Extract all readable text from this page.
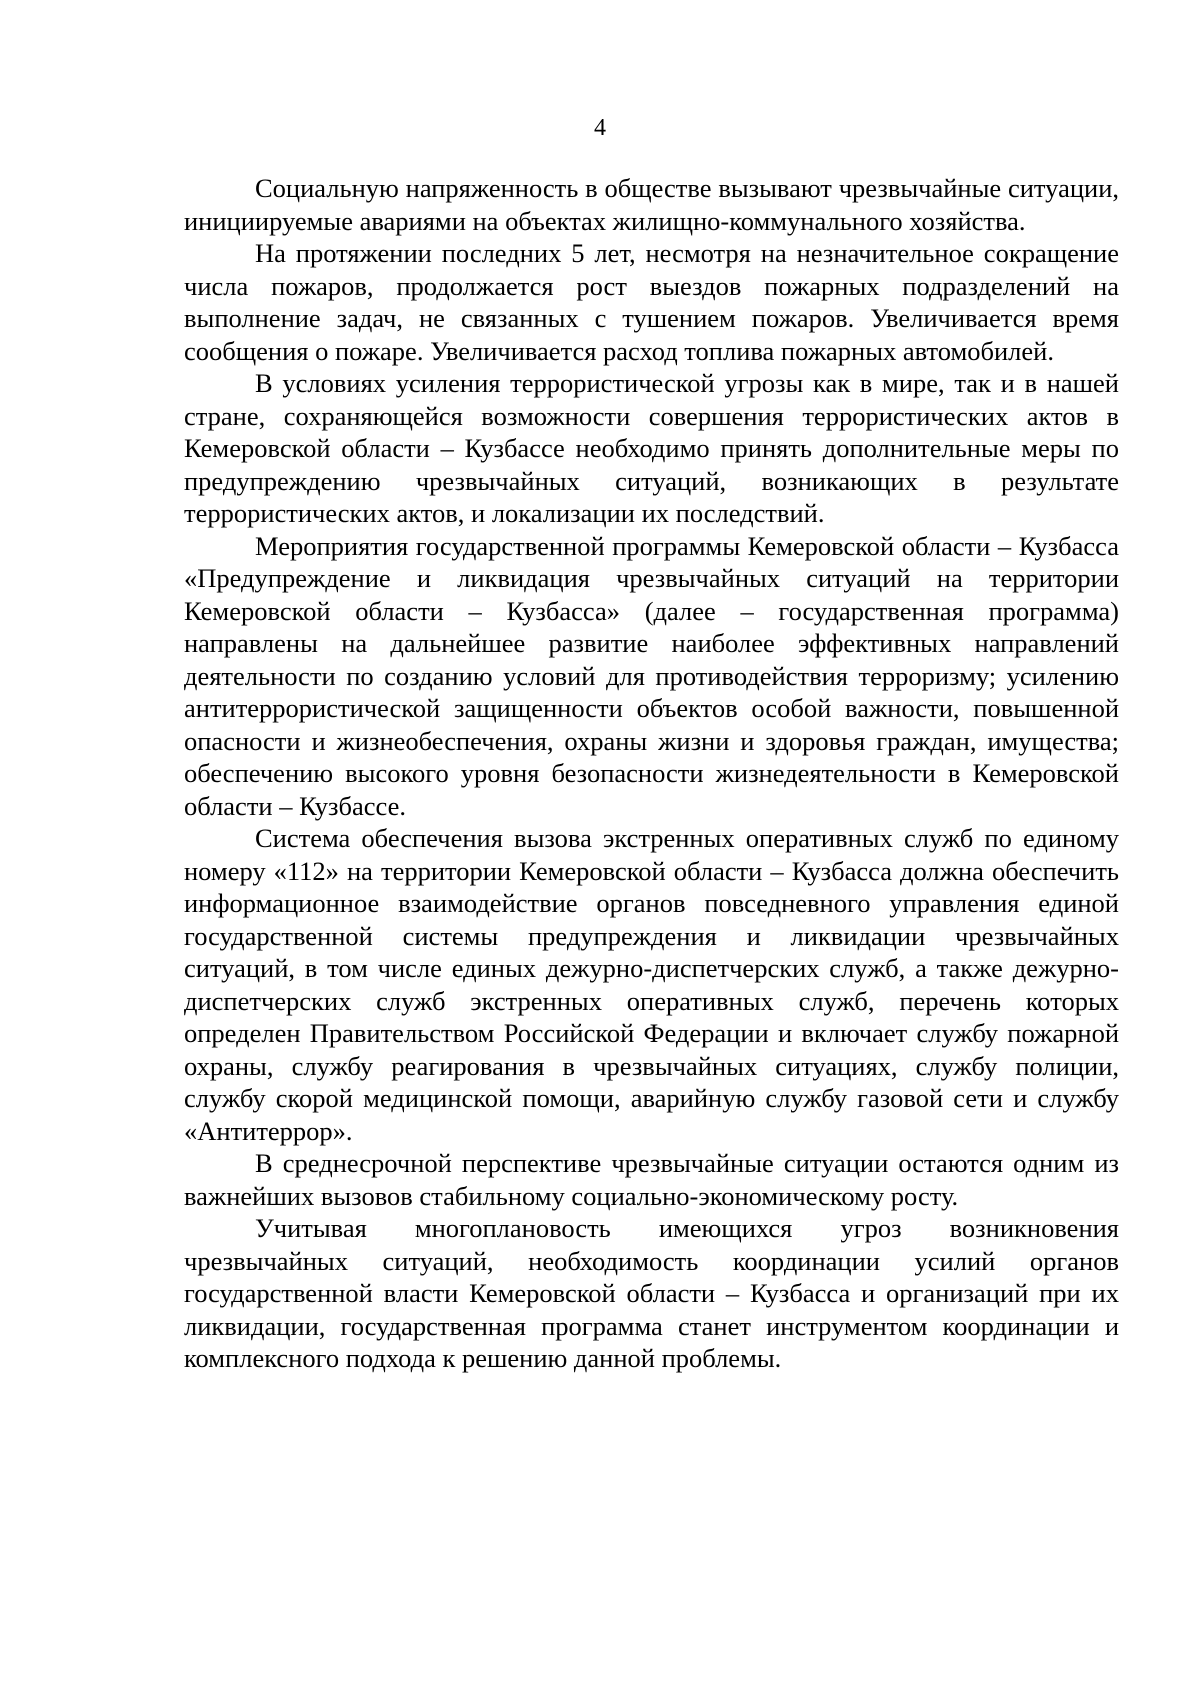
4

Социальную напряженность в обществе вызывают чрезвычайные ситуации, инициируемые авариями на объектах жилищно-коммунального хозяйства.

На протяжении последних 5 лет, несмотря на незначительное сокращение числа пожаров, продолжается рост выездов пожарных подразделений на выполнение задач, не связанных с тушением пожаров. Увеличивается время сообщения о пожаре. Увеличивается расход топлива пожарных автомобилей.

В условиях усиления террористической угрозы как в мире, так и в нашей стране, сохраняющейся возможности совершения террористических актов в Кемеровской области – Кузбассе необходимо принять дополнительные меры по предупреждению чрезвычайных ситуаций, возникающих в результате террористических актов, и локализации их последствий.

Мероприятия государственной программы Кемеровской области – Кузбасса «Предупреждение и ликвидация чрезвычайных ситуаций на территории Кемеровской области – Кузбасса» (далее – государственная программа) направлены на дальнейшее развитие наиболее эффективных направлений деятельности по созданию условий для противодействия терроризму; усилению антитеррористической защищенности объектов особой важности, повышенной опасности и жизнеобеспечения, охраны жизни и здоровья граждан, имущества; обеспечению высокого уровня безопасности жизнедеятельности в Кемеровской области – Кузбассе.

Система обеспечения вызова экстренных оперативных служб по единому номеру «112» на территории Кемеровской области – Кузбасса должна обеспечить информационное взаимодействие органов повседневного управления единой государственной системы предупреждения и ликвидации чрезвычайных ситуаций, в том числе единых дежурно-диспетчерских служб, а также дежурно-диспетчерских служб экстренных оперативных служб, перечень которых определен Правительством Российской Федерации и включает службу пожарной охраны, службу реагирования в чрезвычайных ситуациях, службу полиции, службу скорой медицинской помощи, аварийную службу газовой сети и службу «Антитеррор».

В среднесрочной перспективе чрезвычайные ситуации остаются одним из важнейших вызовов стабильному социально-экономическому росту.

Учитывая многоплановость имеющихся угроз возникновения чрезвычайных ситуаций, необходимость координации усилий органов государственной власти Кемеровской области – Кузбасса и организаций при их ликвидации, государственная программа станет инструментом координации и комплексного подхода к решению данной проблемы.
